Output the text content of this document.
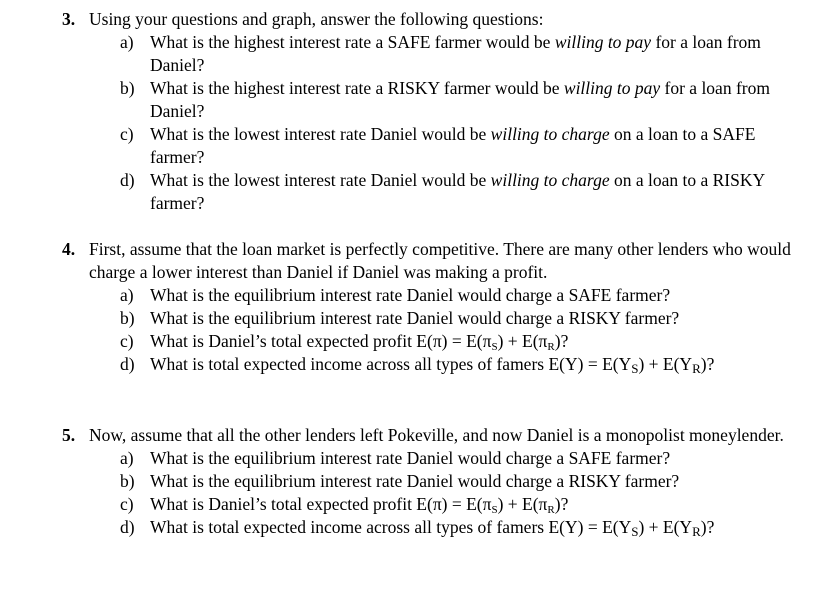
3. Using your questions and graph, answer the following questions:
a) What is the highest interest rate a SAFE farmer would be willing to pay for a loan from Daniel?
b) What is the highest interest rate a RISKY farmer would be willing to pay for a loan from Daniel?
c) What is the lowest interest rate Daniel would be willing to charge on a loan to a SAFE farmer?
d) What is the lowest interest rate Daniel would be willing to charge on a loan to a RISKY farmer?
4. First, assume that the loan market is perfectly competitive. There are many other lenders who would charge a lower interest than Daniel if Daniel was making a profit.
a) What is the equilibrium interest rate Daniel would charge a SAFE farmer?
b) What is the equilibrium interest rate Daniel would charge a RISKY farmer?
c) What is Daniel’s total expected profit $E(\pi) = E(\pi_S) + E(\pi_R)$?
d) What is total expected income across all types of famers $E(Y) = E(Y_S) + E(Y_R)$?
5. Now, assume that all the other lenders left Pokeville, and now Daniel is a monopolist moneylender.
a) What is the equilibrium interest rate Daniel would charge a SAFE farmer?
b) What is the equilibrium interest rate Daniel would charge a RISKY farmer?
c) What is Daniel’s total expected profit $E(\pi) = E(\pi_S) + E(\pi_R)$?
d) What is total expected income across all types of famers $E(Y) = E(Y_S) + E(Y_R)$?
